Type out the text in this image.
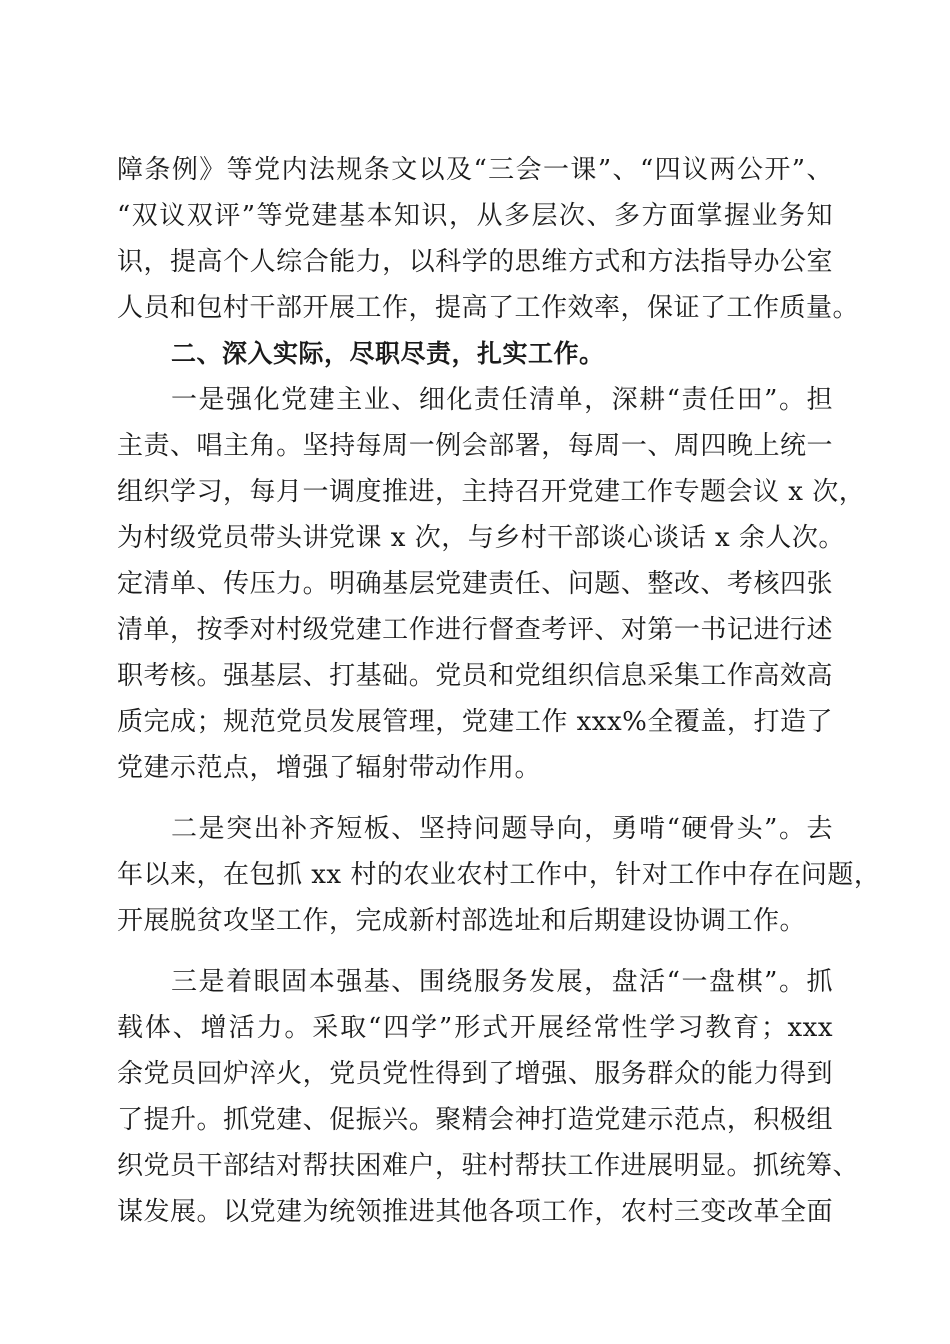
障条例》等党内法规条文以及“三会一课”、“四议两公开”、
“双议双评”等党建基本知识，从多层次、多方面掌握业务知
识，提高个人综合能力，以科学的思维方式和方法指导办公室
人员和包村干部开展工作，提高了工作效率，保证了工作质量。
二、深入实际，尽职尽责，扎实工作。
一是强化党建主业、细化责任清单，深耕“责任田”。担
主责、唱主角。坚持每周一例会部署，每周一、周四晚上统一
组织学习，每月一调度推进，主持召开党建工作专题会议 x 次，
为村级党员带头讲党课 x 次，与乡村干部谈心谈话 x 余人次。
定清单、传压力。明确基层党建责任、问题、整改、考核四张
清单，按季对村级党建工作进行督查考评、对第一书记进行述
职考核。强基层、打基础。党员和党组织信息采集工作高效高
质完成；规范党员发展管理，党建工作 xxx%全覆盖，打造了
党建示范点，增强了辐射带动作用。
二是突出补齐短板、坚持问题导向，勇啃“硬骨头”。去
年以来，在包抓 xx 村的农业农村工作中，针对工作中存在问题，
开展脱贫攻坚工作，完成新村部选址和后期建设协调工作。
三是着眼固本强基、围绕服务发展，盘活“一盘棋”。抓
载体、增活力。采取“四学”形式开展经常性学习教育；xxx
余党员回炉淬火，党员党性得到了增强、服务群众的能力得到
了提升。抓党建、促振兴。聚精会神打造党建示范点，积极组
织党员干部结对帮扶困难户，驻村帮扶工作进展明显。抓统筹、
谋发展。以党建为统领推进其他各项工作，农村三变改革全面
